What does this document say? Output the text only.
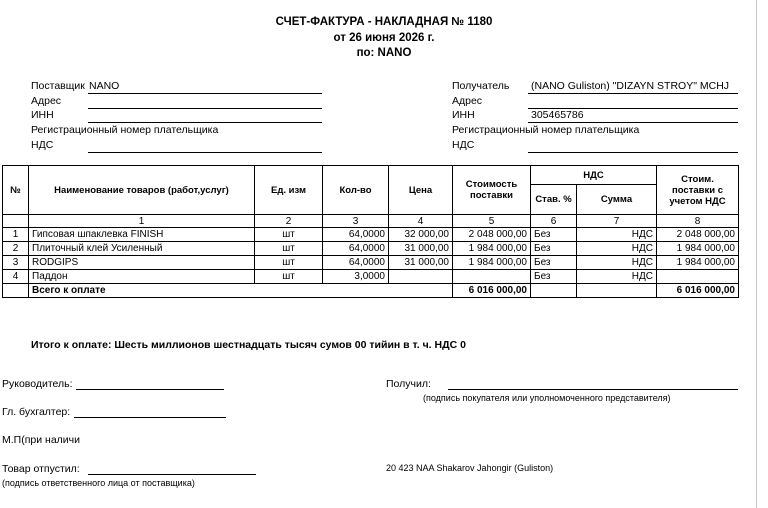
СЧЕТ-ФАКТУРА - НАКЛАДНАЯ № 1180
от 26 июня 2026 г.
по: NANO
Поставщик NANO
Адрес
ИНН
Регистрационный номер плательщика
НДС
Получатель (NANO Guliston) "DIZAYN STROY" MCHJ
Адрес
ИНН	305465786
Регистрационный номер плательщика
НДС
№	Наименование товаров (работ,услуг)	Ед. изм	Кол-во	Цена	Стоимость поставки	НДС		Стоим. поставки с учетом НДС
						Став. %	Сумма	
	1	2	3	4	5	6	7	8
1	Гипсовая шпаклевка FINISH	шт	64,0000	32 000,00	2 048 000,00	Без	НДС	2 048 000,00
2	Плиточный клей Усиленный	шт	64,0000	31 000,00	1 984 000,00	Без	НДС	1 984 000,00
3	RODGIPS	шт	64,0000	31 000,00	1 984 000,00	Без	НДС	1 984 000,00
4	Паддон	шт	3,0000			Без	НДС	
	Всего к оплате				6 016 000,00			6 016 000,00
Итого к оплате: Шесть миллионов шестнадцать тысяч сумов 00 тийин в т. ч. НДС 0
Руководитель:	Получил:
(подпись покупателя или уполномоченного представителя)
Гл. бухгалтер:
М.П(при наличи
Товар отпустил:
(подпись ответственного лица от поставщика)
20 423 NAA Shakarov Jahongir (Guliston)
